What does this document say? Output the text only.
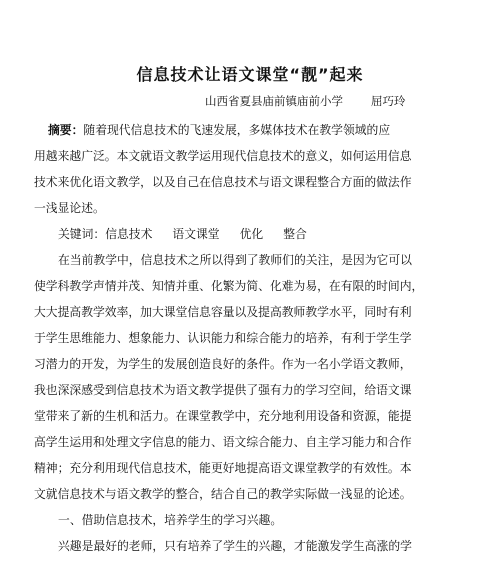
信息技术让语文课堂“靓”起来
山西省夏县庙前镇庙前小学 屈巧玲
摘要：随着现代信息技术的飞速发展，多媒体技术在教学领域的应
用越来越广泛。本文就语文教学运用现代信息技术的意义，如何运用信息
技术来优化语文教学，以及自己在信息技术与语文课程整合方面的做法作
一浅显论述。
关键词：信息技术 语文课堂 优化 整合
在当前教学中，信息技术之所以得到了教师们的关注，是因为它可以
使学科教学声情并茂、知情并重、化繁为简、化难为易，在有限的时间内，
大大提高教学效率，加大课堂信息容量以及提高教师教学水平，同时有利
于学生思维能力、想象能力、认识能力和综合能力的培养，有利于学生学
习潜力的开发，为学生的发展创造良好的条件。作为一名小学语文教师，
我也深深感受到信息技术为语文教学提供了强有力的学习空间，给语文课
堂带来了新的生机和活力。在课堂教学中，充分地利用设备和资源，能提
高学生运用和处理文字信息的能力、语文综合能力、自主学习能力和合作
精神；充分利用现代信息技术，能更好地提高语文课堂教学的有效性。本
文就信息技术与语文教学的整合，结合自己的教学实际做一浅显的论述。
一、借助信息技术，培养学生的学习兴趣。
兴趣是最好的老师，只有培养了学生的兴趣，才能激发学生高涨的学
